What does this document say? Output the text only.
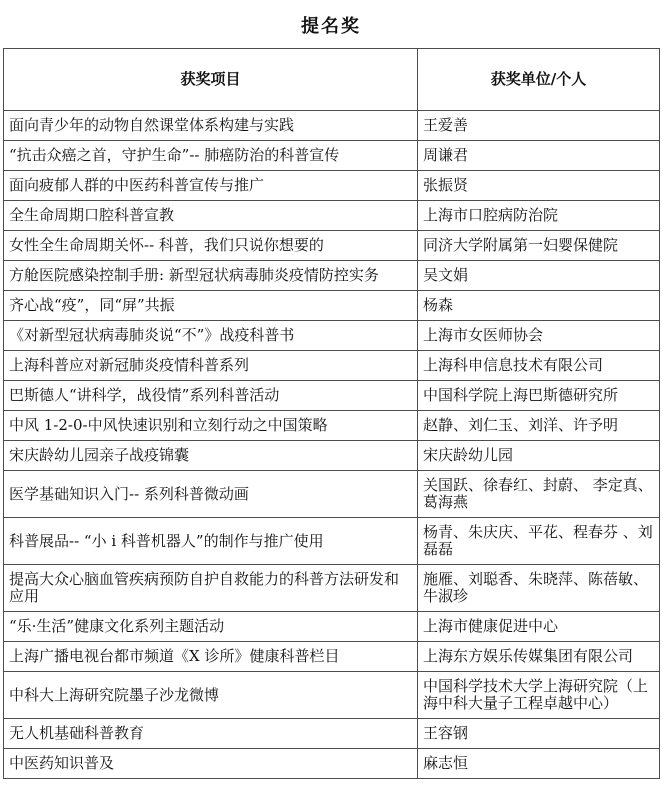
提名奖
获奖项目	获奖单位/个人
面向青少年的动物自然课堂体系构建与实践	王爱善
“抗击众癌之首，守护生命”-- 肺癌防治的科普宣传	周谦君
面向疲郁人群的中医药科普宣传与推广	张振贤
全生命周期口腔科普宣教	上海市口腔病防治院
女性全生命周期关怀-- 科普，我们只说你想要的	同济大学附属第一妇婴保健院
方舱医院感染控制手册: 新型冠状病毒肺炎疫情防控实务	吴文娟
齐心战“疫”，同“屏”共振	杨森
《对新型冠状病毒肺炎说“不”》战疫科普书	上海市女医师协会
上海科普应对新冠肺炎疫情科普系列	上海科申信息技术有限公司
巴斯德人“讲科学，战役情”系列科普活动	中国科学院上海巴斯德研究所
中风 1-2-0-中风快速识别和立刻行动之中国策略	赵静、刘仁玉、刘洋、许予明
宋庆龄幼儿园亲子战疫锦囊	宋庆龄幼儿园
医学基础知识入门-- 系列科普微动画	关国跃、徐春红、封蔚、 李定真、葛海燕
科普展品-- “小 i 科普机器人”的制作与推广使用	杨青、朱庆庆、平花、程春芬 、刘磊磊
提高大众心脑血管疾病预防自护自救能力的科普方法研发和应用	施雁、刘聪香、朱晓萍、陈蓓敏、牛淑珍
“乐·生活”健康文化系列主题活动	上海市健康促进中心
上海广播电视台都市频道《X 诊所》健康科普栏目	上海东方娱乐传媒集团有限公司
中科大上海研究院墨子沙龙微博	中国科学技术大学上海研究院（上海中科大量子工程卓越中心）
无人机基础科普教育	王容钢
中医药知识普及	麻志恒
